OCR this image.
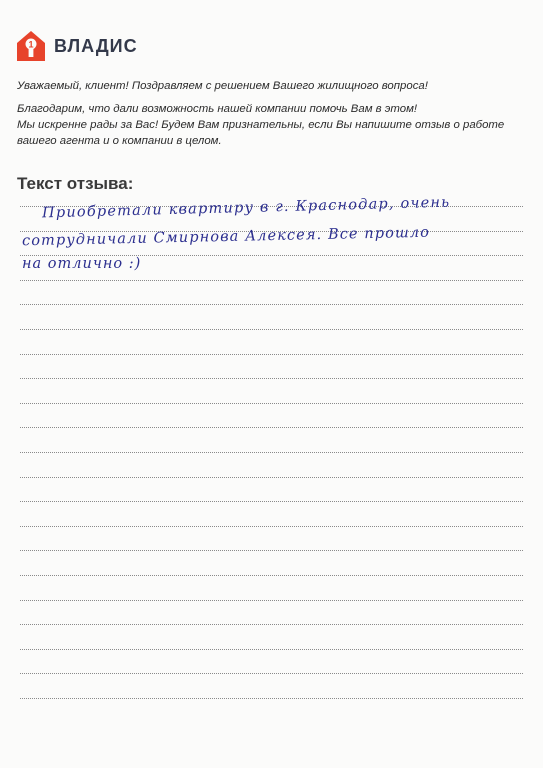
1 ВЛАДИС

Уважаемый, клиент! Поздравляем с решением Вашего жилищного вопроса!

Благодарим, что дали возможность нашей компании помочь Вам в этом!

Мы искренне рады за Вас! Будем Вам признательны, если Вы напишите отзыв о работе

вашего агента и о компании в целом.

Текст отзыва:
Приобретали квартиру в г. Краснодар, очень
сотрудничали Смирнова Алексея. Все прошло
на отлично :)
